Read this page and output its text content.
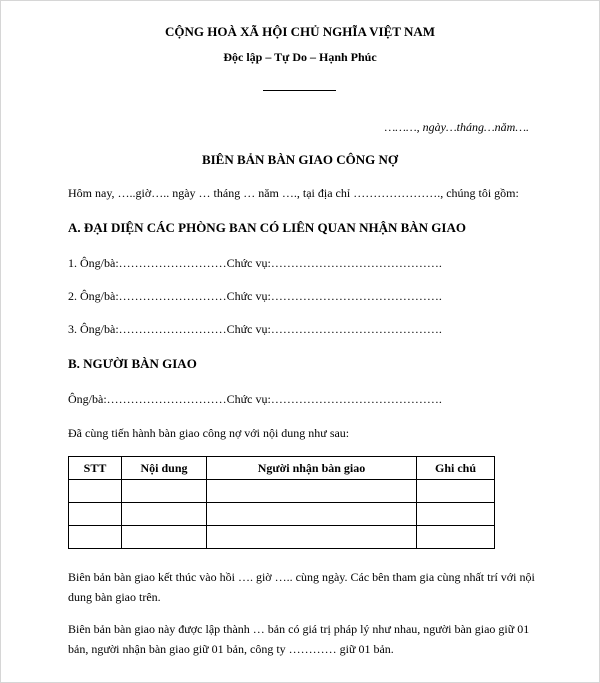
CỘNG HOÀ XÃ HỘI CHỦ NGHĨA VIỆT NAM
Độc lập – Tự Do – Hạnh Phúc
………, ngày…tháng…năm….
BIÊN BẢN BÀN GIAO CÔNG NỢ
Hôm nay, …..giờ….. ngày … tháng … năm …., tại địa chỉ …………………., chúng tôi gồm:
A. ĐẠI DIỆN CÁC PHÒNG BAN CÓ LIÊN QUAN NHẬN BÀN GIAO
1. Ông/bà:………………………Chức vụ:…………………………………….
2. Ông/bà:………………………Chức vụ:…………………………………….
3. Ông/bà:………………………Chức vụ:…………………………………….
B. NGƯỜI BÀN GIAO
Ông/bà:…………………………Chức vụ:…………………………………….
Đã cùng tiến hành bàn giao công nợ với nội dung như sau:
STT	Nội dung	Người nhận bàn giao	Ghi chú

Biên bản bàn giao kết thúc vào hồi …. giờ ….. cùng ngày. Các bên tham gia cùng nhất trí với nội
dung bàn giao trên.
Biên bản bàn giao này được lập thành … bản có giá trị pháp lý như nhau, người bàn giao giữ 01
bản, người nhận bàn giao giữ 01 bản, công ty ………… giữ 01 bản.
